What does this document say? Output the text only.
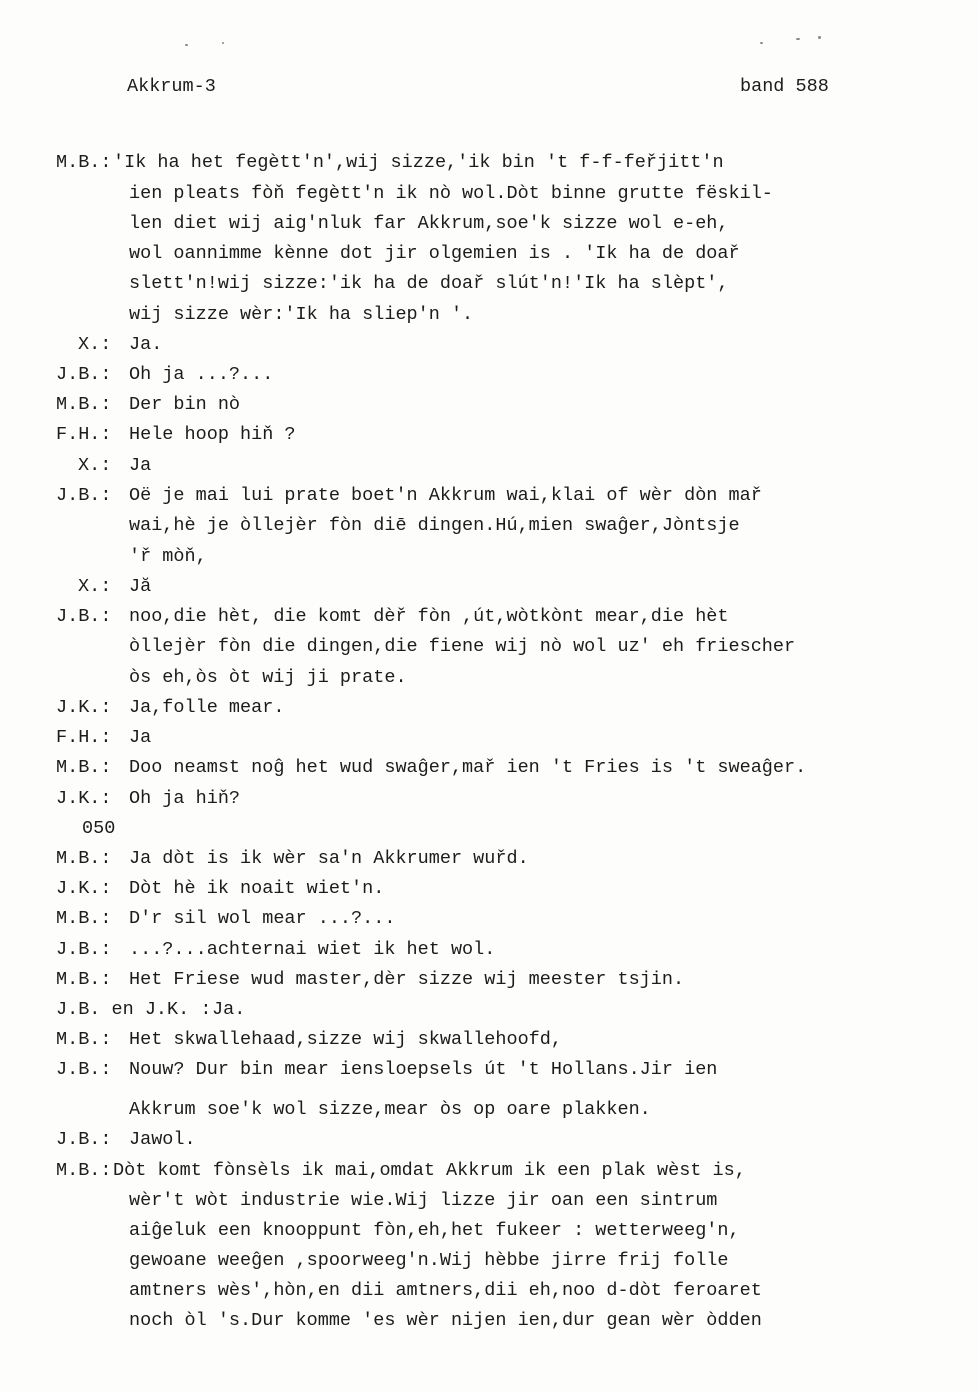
Akkrum-3	band 588
M.B.: 'Ik ha het fegètt'n',wij sizze,'ik bin 't f-f-feřjitt'n
ien pleats fòň fegètt'n ik nò wol.Dòt binne grutte fëskil-
len diet wij aig'nluk far Akkrum,soe'k sizze wol e-eh,
wol oannimme kènne dot jir olgemien is . 'Ik ha de doař
slett'n!wij sizze:'ik ha de doař slút'n!'Ik ha slèpt',
wij sizze wèr:'Ik ha sliep'n '.
X.: Ja.
J.B.: Oh ja ...?...
M.B.: Der bin nò
F.H.: Hele hoop hiň ?
X.: Ja
J.B.: Oë je mai lui prate boet'n Akkrum wai,klai of wèr dòn mař
wai,hè je òllejèr fòn diē dingen.Hú,mien swaĝer,Jòntsje
'ř mòň,
X.: Jă
J.B.: noo,die hèt, die komt dèř fòn ,út,wòtkònt mear,die hèt
òllejèr fòn die dingen,die fiene wij nò wol uz' eh friescher
òs eh,òs òt wij ji prate.
J.K.: Ja,folle mear.
F.H.: Ja
M.B.: Doo neamst noĝ het wud swaĝer,mař ien 't Fries is 't sweaĝer.
J.K.: Oh ja hiň?
050
M.B.: Ja dòt is ik wèr sa'n Akkrumer wuřd.
J.K.: Dòt hè ik noait wiet'n.
M.B.: D'r sil wol mear ...?...
J.B.: ...?...achternai wiet ik het wol.
M.B.: Het Friese wud master,dèr sizze wij meester tsjin.
J.B. en J.K. : Ja.
M.B.: Het skwallehaad,sizze wij skwallehoofd,
J.B.: Nouw? Dur bin mear iensloepsels út 't Hollans.Jir ien
Akkrum soe'k wol sizze,mear òs op oare plakken.
J.B.: Jawol.
M.B.: Dòt komt fònsèls ik mai,omdat Akkrum ik een plak wèst is,
wèr't wòt industrie wie.Wij lizze jir oan een sintrum
aiĝeluk een knooppunt fòn,eh,het fukeer : wetterweeg'n,
gewoane weeĝen ,spoorweeg'n.Wij hèbbe jirre frij folle
amtners wès',hòn,en dii amtners,dii eh,noo d-dòt feroaret
noch òl 's.Dur komme 'es wèr nijen ien,dur gean wèr òdden
